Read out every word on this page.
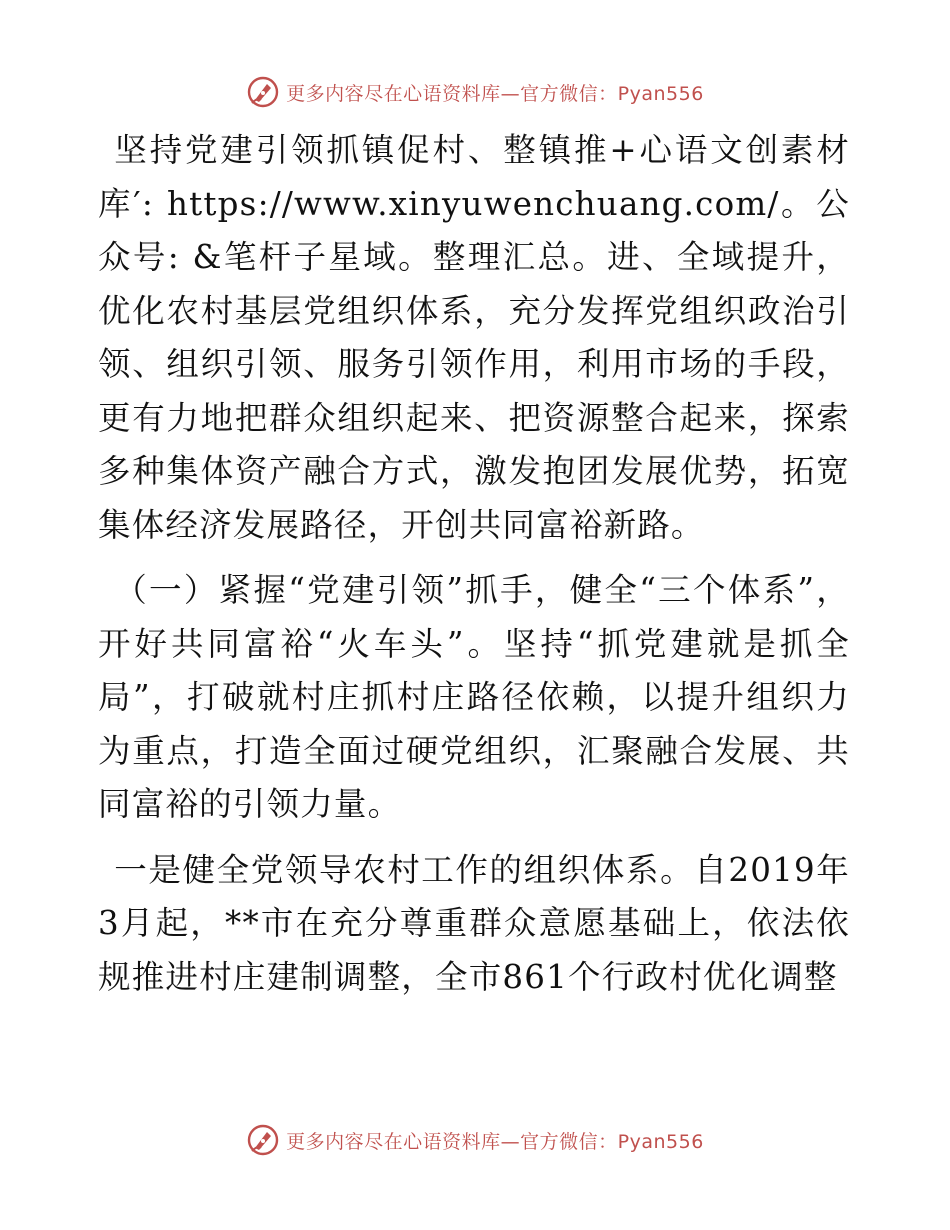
更多内容尽在心语资料库—官方微信：Pyan556

坚持党建引领抓镇促村、整镇推+心语文创素材库′: https://www.xinyuwenchuang.com/。公众号: &笔杆子星域。整理汇总。进、全域提升，优化农村基层党组织体系，充分发挥党组织政治引领、组织引领、服务引领作用，利用市场的手段，更有力地把群众组织起来、把资源整合起来，探索多种集体资产融合方式，激发抱团发展优势，拓宽集体经济发展路径，开创共同富裕新路。

（一）紧握“党建引领”抓手，健全“三个体系”，开好共同富裕“火车头”。坚持“抓党建就是抓全局”，打破就村庄抓村庄路径依赖，以提升组织力为重点，打造全面过硬党组织，汇聚融合发展、共同富裕的引领力量。

一是健全党领导农村工作的组织体系。自2019年3月起，**市在充分尊重群众意愿基础上，依法依规推进村庄建制调整，全市861个行政村优化调整

更多内容尽在心语资料库—官方微信：Pyan556
